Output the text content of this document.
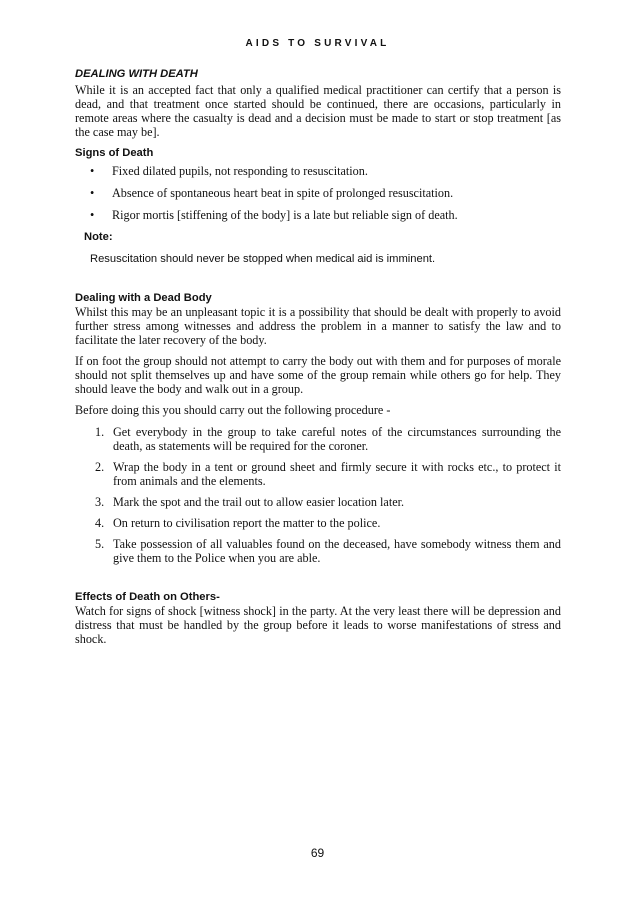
AIDS TO SURVIVAL
DEALING WITH DEATH

While it is an accepted fact that only a qualified medical practitioner can certify that a person is dead, and that treatment once started should be continued, there are occasions, particularly in remote areas where the casualty is dead and a decision must be made to start or stop treatment [as the case may be].

Signs of Death
• Fixed dilated pupils, not responding to resuscitation.
• Absence of spontaneous heart beat in spite of prolonged resuscitation.
• Rigor mortis [stiffening of the body] is a late but reliable sign of death.
Note:
Resuscitation should never be stopped when medical aid is imminent.
Dealing with a Dead Body

Whilst this may be an unpleasant topic it is a possibility that should be dealt with properly to avoid further stress among witnesses and address the problem in a manner to satisfy the law and to facilitate the later recovery of the body.

If on foot the group should not attempt to carry the body out with them and for purposes of morale should not split themselves up and have some of the group remain while others go for help. They should leave the body and walk out in a group.

Before doing this you should carry out the following procedure -

1. Get everybody in the group to take careful notes of the circumstances surrounding the death, as statements will be required for the coroner.
2. Wrap the body in a tent or ground sheet and firmly secure it with rocks etc., to protect it from animals and the elements.
3. Mark the spot and the trail out to allow easier location later.
4. On return to civilisation report the matter to the police.
5. Take possession of all valuables found on the deceased, have somebody witness them and give them to the Police when you are able.
Effects of Death on Others-

Watch for signs of shock [witness shock] in the party. At the very least there will be depression and distress that must be handled by the group before it leads to worse manifestations of stress and shock.

69
